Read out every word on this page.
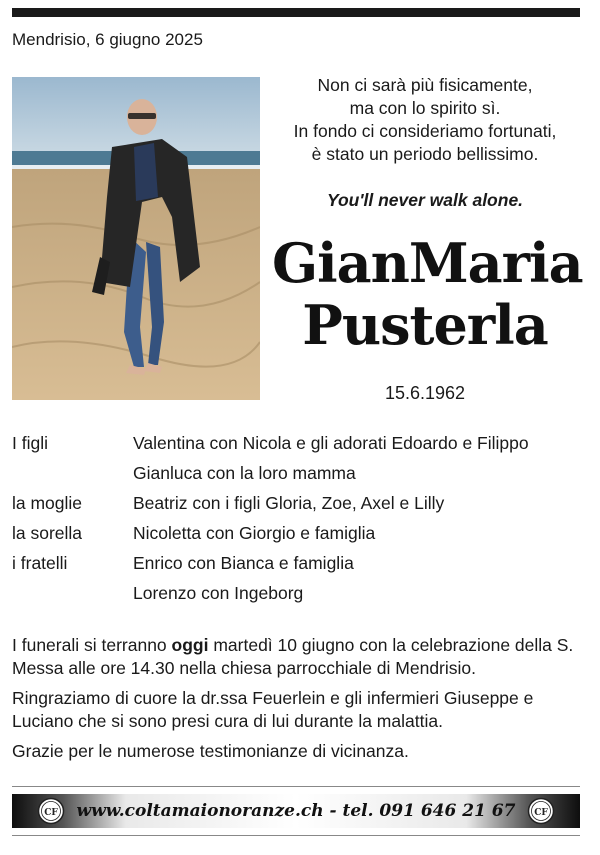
Mendrisio, 6 giugno 2025
Non ci sarà più fisicamente,
ma con lo spirito sì.
In fondo ci consideriamo fortunati,
è stato un periodo bellissimo.
You'll never walk alone.
GianMaria
Pusterla
15.6.1962
I figli	Valentina con Nicola e gli adorati Edoardo e Filippo
Gianluca con la loro mamma
la moglie	Beatriz con i figli Gloria, Zoe, Axel e Lilly
la sorella	Nicoletta con Giorgio e famiglia
i fratelli	Enrico con Bianca e famiglia
Lorenzo con Ingeborg

I funerali si terranno oggi martedì 10 giugno con la celebrazione della S. Messa alle ore 14.30 nella chiesa parrocchiale di Mendrisio.

Ringraziamo di cuore la dr.ssa Feuerlein e gli infermieri Giuseppe e Luciano che si sono presi cura di lui durante la malattia.

Grazie per le numerose testimonianze di vicinanza.

CF	www.coltamaionoranze.ch - tel. 091 646 21 67	CF
